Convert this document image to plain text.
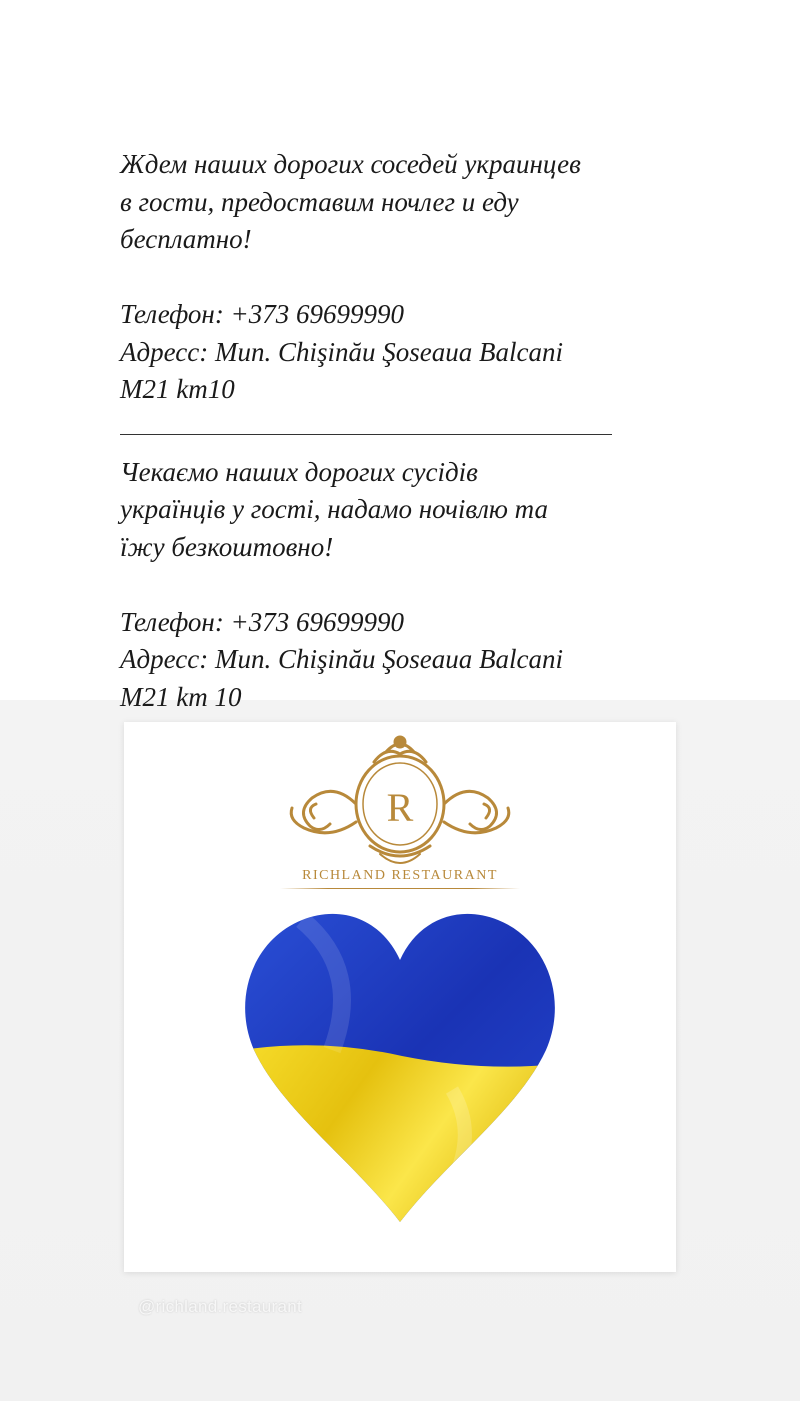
Ждем наших дорогих соседей украинцев
в гости, предоставим ночлег и еду
бесплатно!
Телефон: +373 69699990
Адресс: Mun. Chişinău Şoseaua Balcani
M21 km10
Чекаємо наших дорогих сусідів
українців у гості, надамо ночівлю та
їжу безкоштовно!
Телефон: +373 69699990
Адресс: Mun. Chişinău Şoseaua Balcani
M21 km 10
R
RICHLAND RESTAURANT
@richland.restaurant
